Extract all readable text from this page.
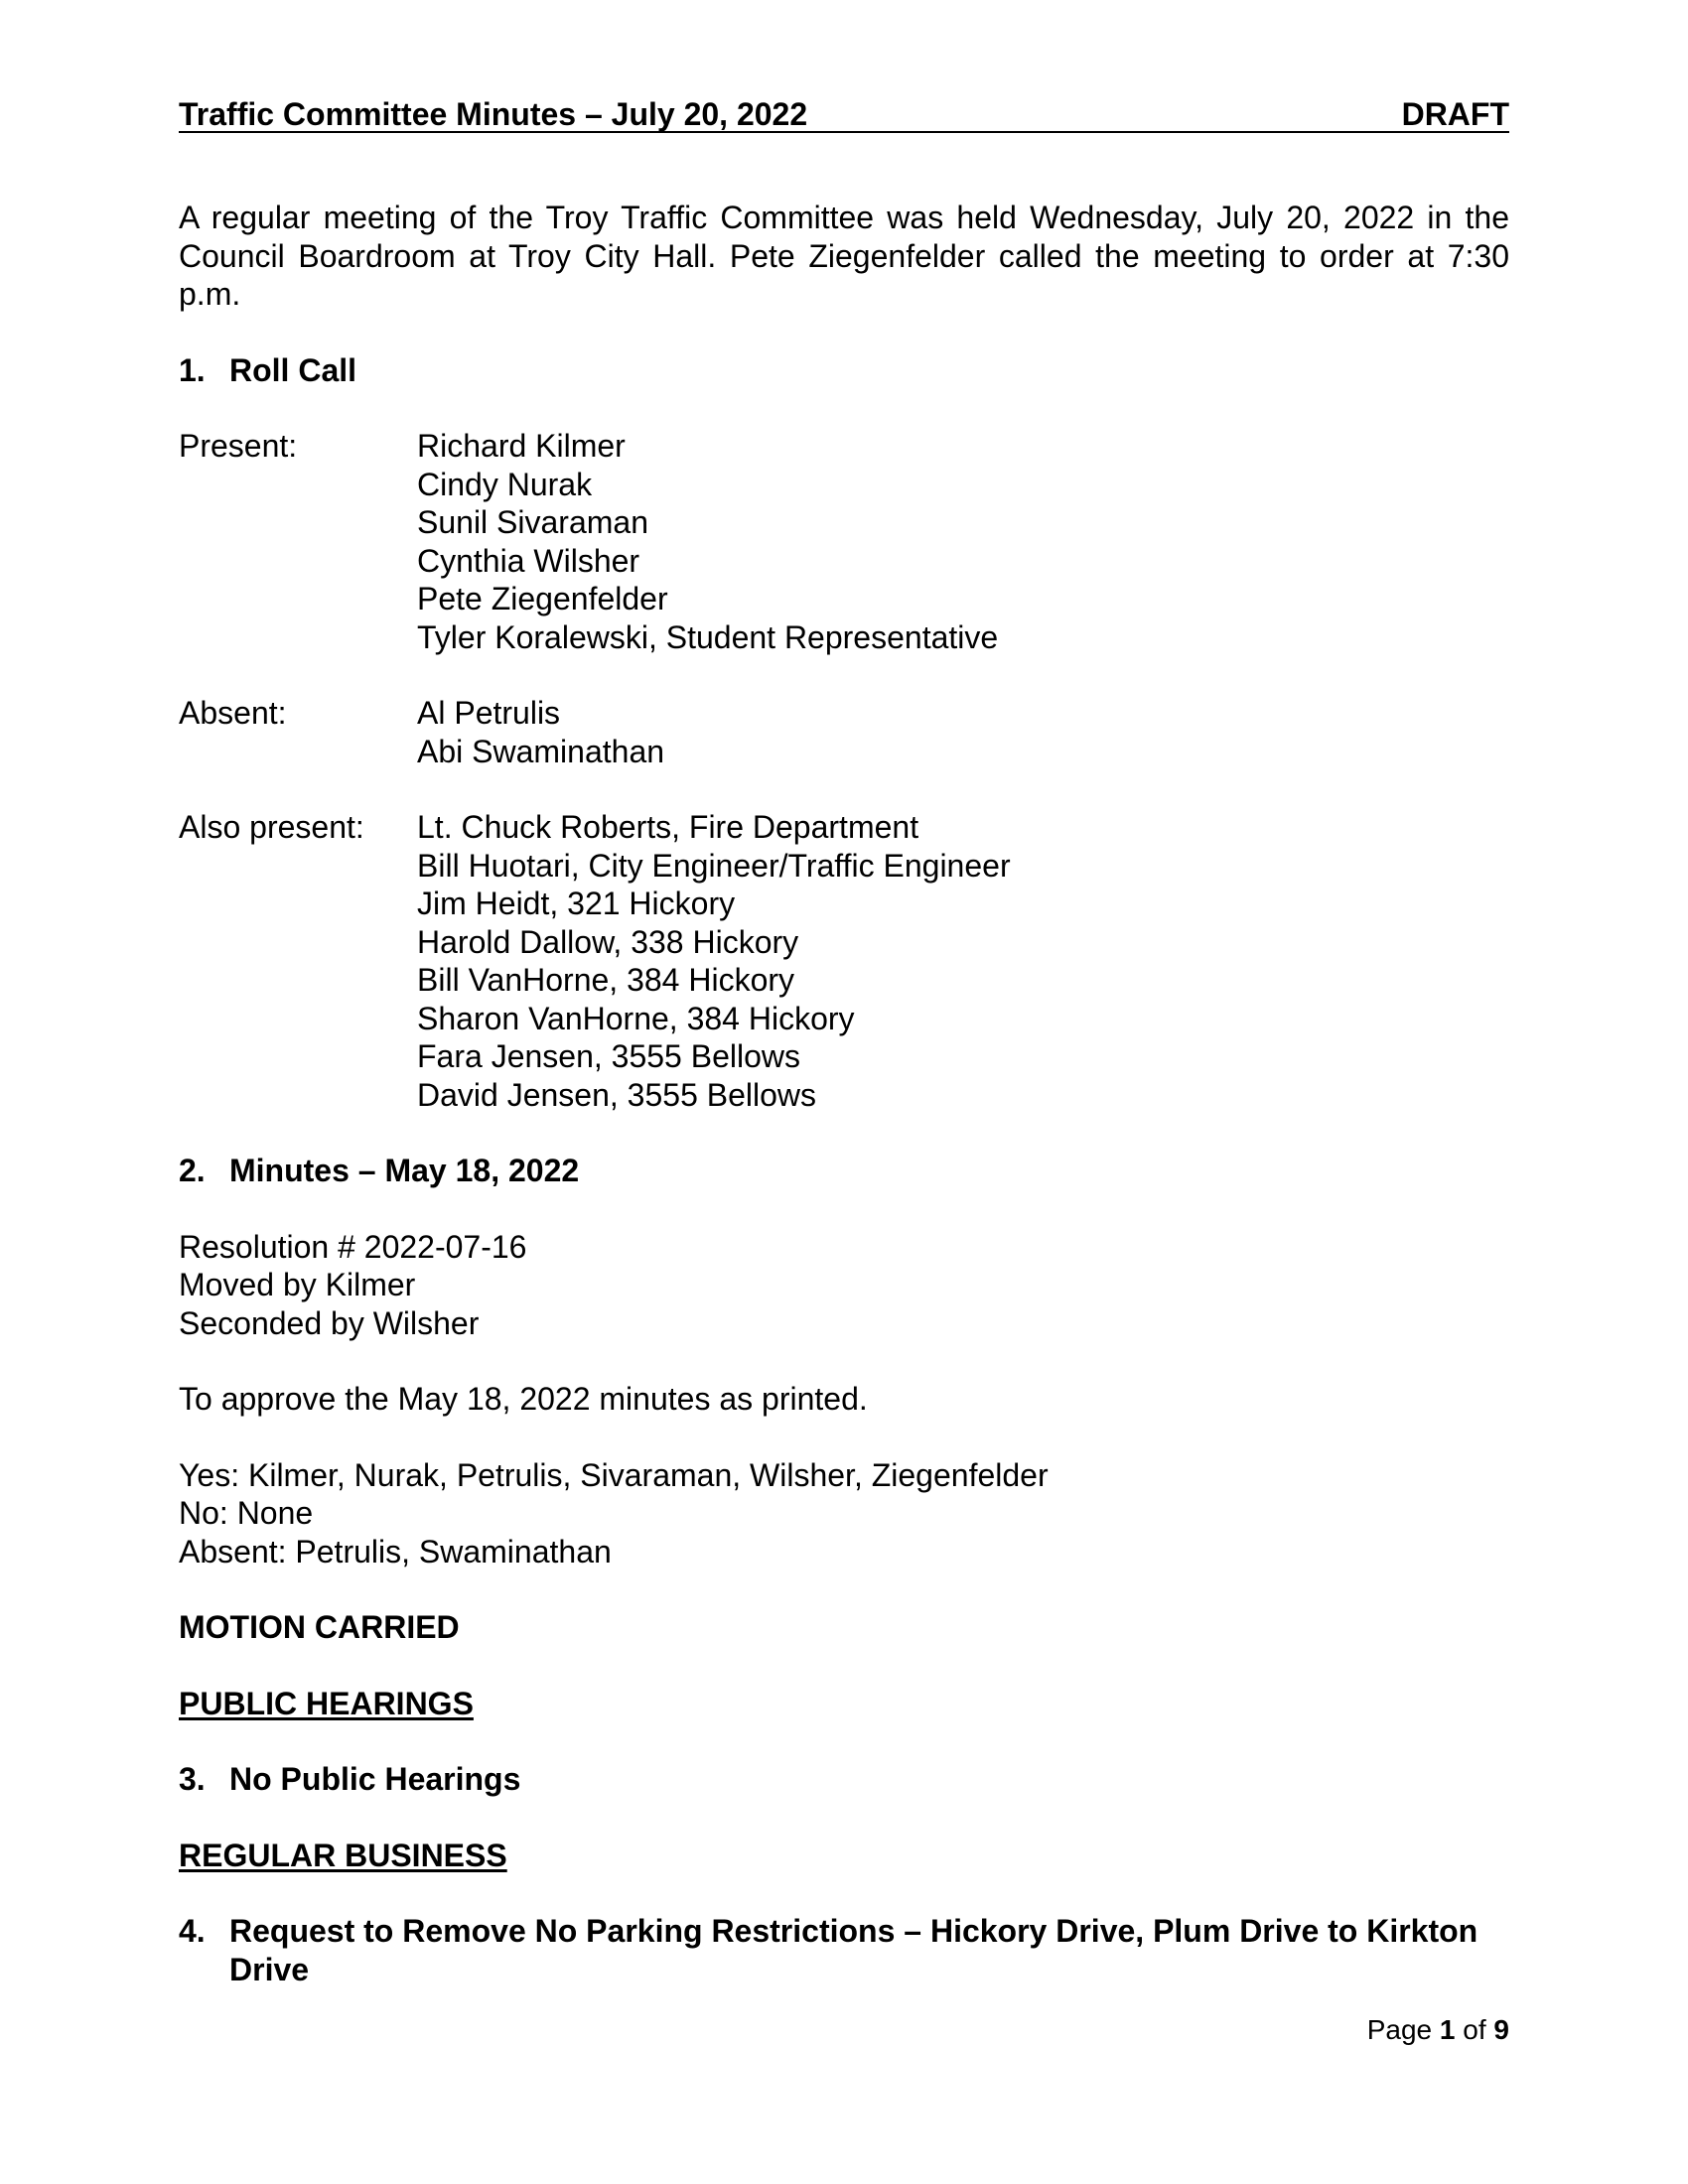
Traffic Committee Minutes – July 20, 2022	DRAFT
A regular meeting of the Troy Traffic Committee was held Wednesday, July 20, 2022 in the Council Boardroom at Troy City Hall. Pete Ziegenfelder called the meeting to order at 7:30 p.m.
1. Roll Call
Present:	Richard Kilmer
Cindy Nurak
Sunil Sivaraman
Cynthia Wilsher
Pete Ziegenfelder
Tyler Koralewski, Student Representative
Absent:	Al Petrulis
Abi Swaminathan
Also present:	Lt. Chuck Roberts, Fire Department
Bill Huotari, City Engineer/Traffic Engineer
Jim Heidt, 321 Hickory
Harold Dallow, 338 Hickory
Bill VanHorne, 384 Hickory
Sharon VanHorne, 384 Hickory
Fara Jensen, 3555 Bellows
David Jensen, 3555 Bellows
2. Minutes – May 18, 2022
Resolution # 2022-07-16
Moved by Kilmer
Seconded by Wilsher
To approve the May 18, 2022 minutes as printed.
Yes: Kilmer, Nurak, Petrulis, Sivaraman, Wilsher, Ziegenfelder
No: None
Absent: Petrulis, Swaminathan
MOTION CARRIED
PUBLIC HEARINGS
3. No Public Hearings
REGULAR BUSINESS
4. Request to Remove No Parking Restrictions – Hickory Drive, Plum Drive to Kirkton Drive
Page 1 of 9
